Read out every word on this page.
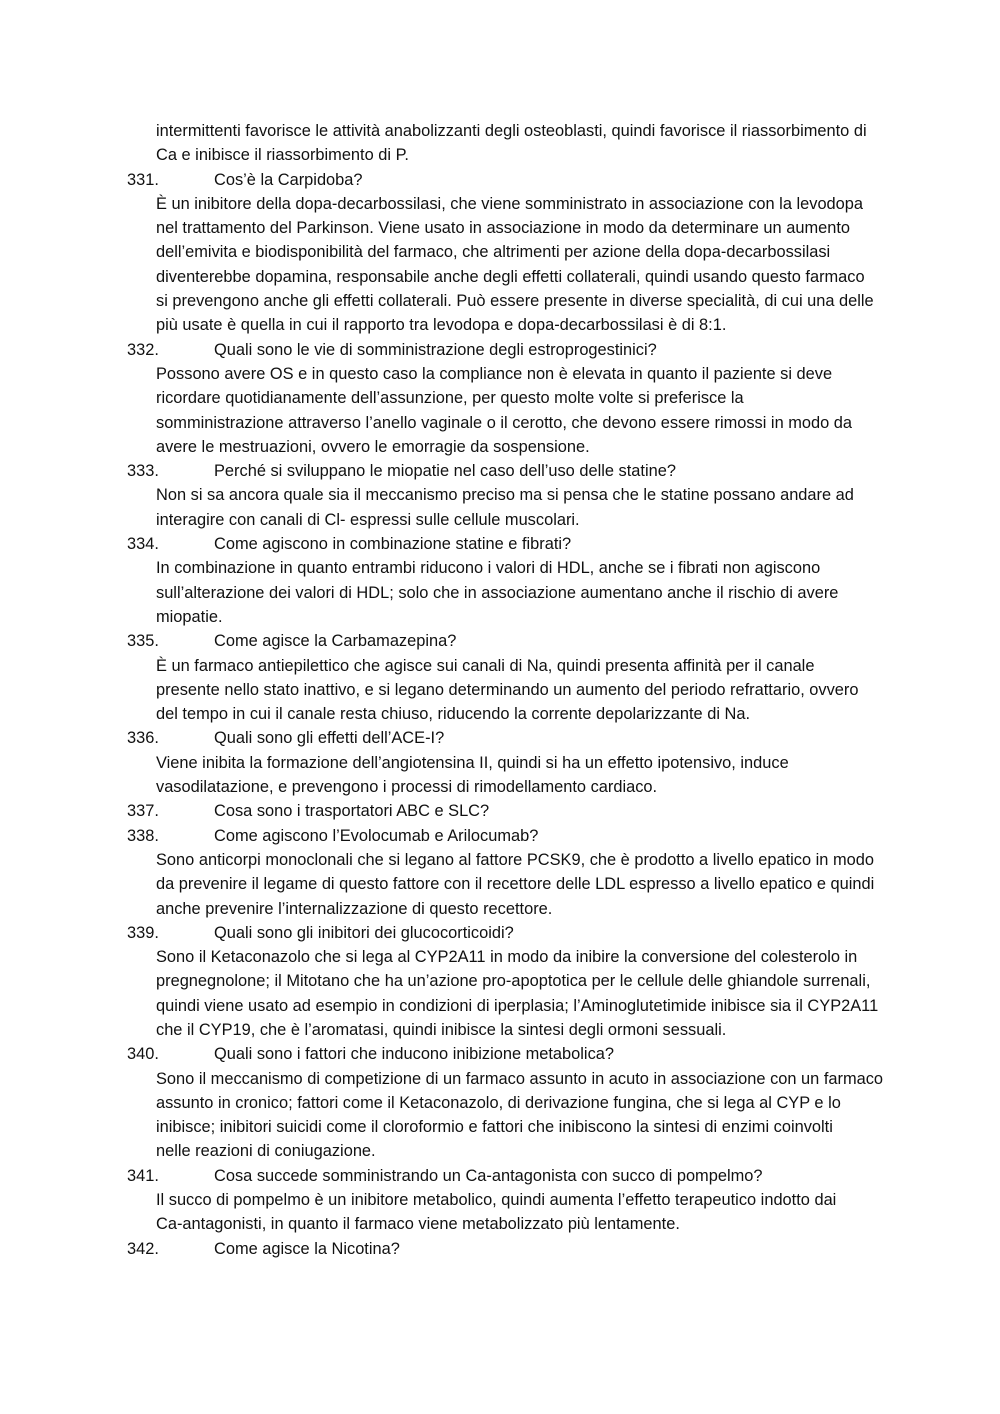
intermittenti favorisce le attività anabolizzanti degli osteoblasti, quindi favorisce il riassorbimento di
Ca e inibisce il riassorbimento di P.
331.	Cos’è la Carpidoba?
È un inibitore della dopa-decarbossilasi, che viene somministrato in associazione con la levodopa
nel trattamento del Parkinson. Viene usato in associazione in modo da determinare un aumento
dell’emivita e biodisponibilità del farmaco, che altrimenti per azione della dopa-decarbossilasi
diventerebbe dopamina, responsabile anche degli effetti collaterali, quindi usando questo farmaco
si prevengono anche gli effetti collaterali. Può essere presente in diverse specialità, di cui una delle
più usate è quella in cui il rapporto tra levodopa e dopa-decarbossilasi è di 8:1.
332.	Quali sono le vie di somministrazione degli estroprogestinici?
Possono avere OS e in questo caso la compliance non è elevata in quanto il paziente si deve
ricordare quotidianamente dell’assunzione, per questo molte volte si preferisce la
somministrazione attraverso l’anello vaginale o il cerotto, che devono essere rimossi in modo da
avere le mestruazioni, ovvero le emorragie da sospensione.
333.	Perché si sviluppano le miopatie nel caso dell’uso delle statine?
Non si sa ancora quale sia il meccanismo preciso ma si pensa che le statine possano andare ad
interagire con canali di Cl- espressi sulle cellule muscolari.
334.	Come agiscono in combinazione statine e fibrati?
In combinazione in quanto entrambi riducono i valori di HDL, anche se i fibrati non agiscono
sull’alterazione dei valori di HDL; solo che in associazione aumentano anche il rischio di avere
miopatie.
335.	Come agisce la Carbamazepina?
È un farmaco antiepilettico che agisce sui canali di Na, quindi presenta affinità per il canale
presente nello stato inattivo, e si legano determinando un aumento del periodo refrattario, ovvero
del tempo in cui il canale resta chiuso, riducendo la corrente depolarizzante di Na.
336.	Quali sono gli effetti dell’ACE-I?
Viene inibita la formazione dell’angiotensina II, quindi si ha un effetto ipotensivo, induce
vasodilatazione, e prevengono i processi di rimodellamento cardiaco.
337.	Cosa sono i trasportatori ABC e SLC?
338.	Come agiscono l’Evolocumab e Arilocumab?
Sono anticorpi monoclonali che si legano al fattore PCSK9, che è prodotto a livello epatico in modo
da prevenire il legame di questo fattore con il recettore delle LDL espresso a livello epatico e quindi
anche prevenire l’internalizzazione di questo recettore.
339.	Quali sono gli inibitori dei glucocorticoidi?
Sono il Ketaconazolo che si lega al CYP2A11 in modo da inibire la conversione del colesterolo in
pregnegnolone; il Mitotano che ha un’azione pro-apoptotica per le cellule delle ghiandole surrenali,
quindi viene usato ad esempio in condizioni di iperplasia; l’Aminoglutetimide inibisce sia il CYP2A11
che il CYP19, che è l’aromatasi, quindi inibisce la sintesi degli ormoni sessuali.
340.	Quali sono i fattori che inducono inibizione metabolica?
Sono il meccanismo di competizione di un farmaco assunto in acuto in associazione con un farmaco
assunto in cronico; fattori come il Ketaconazolo, di derivazione fungina, che si lega al CYP e lo
inibisce; inibitori suicidi come il cloroformio e fattori che inibiscono la sintesi di enzimi coinvolti
nelle reazioni di coniugazione.
341.	Cosa succede somministrando un Ca-antagonista con succo di pompelmo?
Il succo di pompelmo è un inibitore metabolico, quindi aumenta l’effetto terapeutico indotto dai
Ca-antagonisti, in quanto il farmaco viene metabolizzato più lentamente.
342.	Come agisce la Nicotina?
